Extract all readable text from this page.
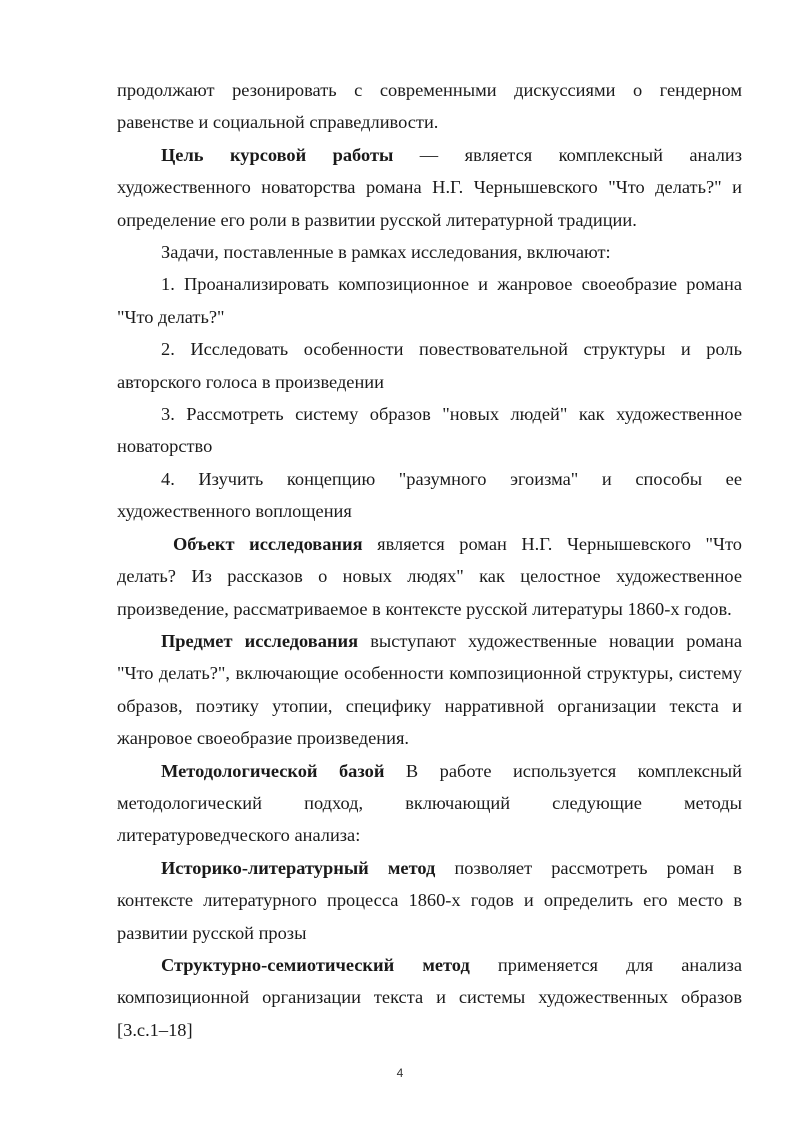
продолжают резонировать с современными дискуссиями о гендерном

равенстве и социальной справедливости.

Цель курсовой работы — является комплексный анализ художественного новаторства романа Н.Г. Чернышевского "Что делать?" и определение его роли в развитии русской литературной традиции.

Задачи, поставленные в рамках исследования, включают:

1. Проанализировать композиционное и жанровое своеобразие романа "Что делать?"

2. Исследовать особенности повествовательной структуры и роль авторского голоса в произведении

3. Рассмотреть систему образов "новых людей" как художественное новаторство

4. Изучить концепцию "разумного эгоизма" и способы ее художественного воплощения

Объект исследования является роман Н.Г. Чернышевского "Что делать? Из рассказов о новых людях" как целостное художественное произведение, рассматриваемое в контексте русской литературы 1860-х годов.

Предмет исследования выступают художественные новации романа "Что делать?", включающие особенности композиционной структуры, систему образов, поэтику утопии, специфику нарративной организации текста и жанровое своеобразие произведения.

Методологической базой В работе используется комплексный методологический подход, включающий следующие методы литературоведческого анализа:

Историко-литературный метод позволяет рассмотреть роман в контексте литературного процесса 1860-х годов и определить его место в развитии русской прозы

Структурно-семиотический метод применяется для анализа композиционной организации текста и системы художественных образов [3.с.1–18]

4
